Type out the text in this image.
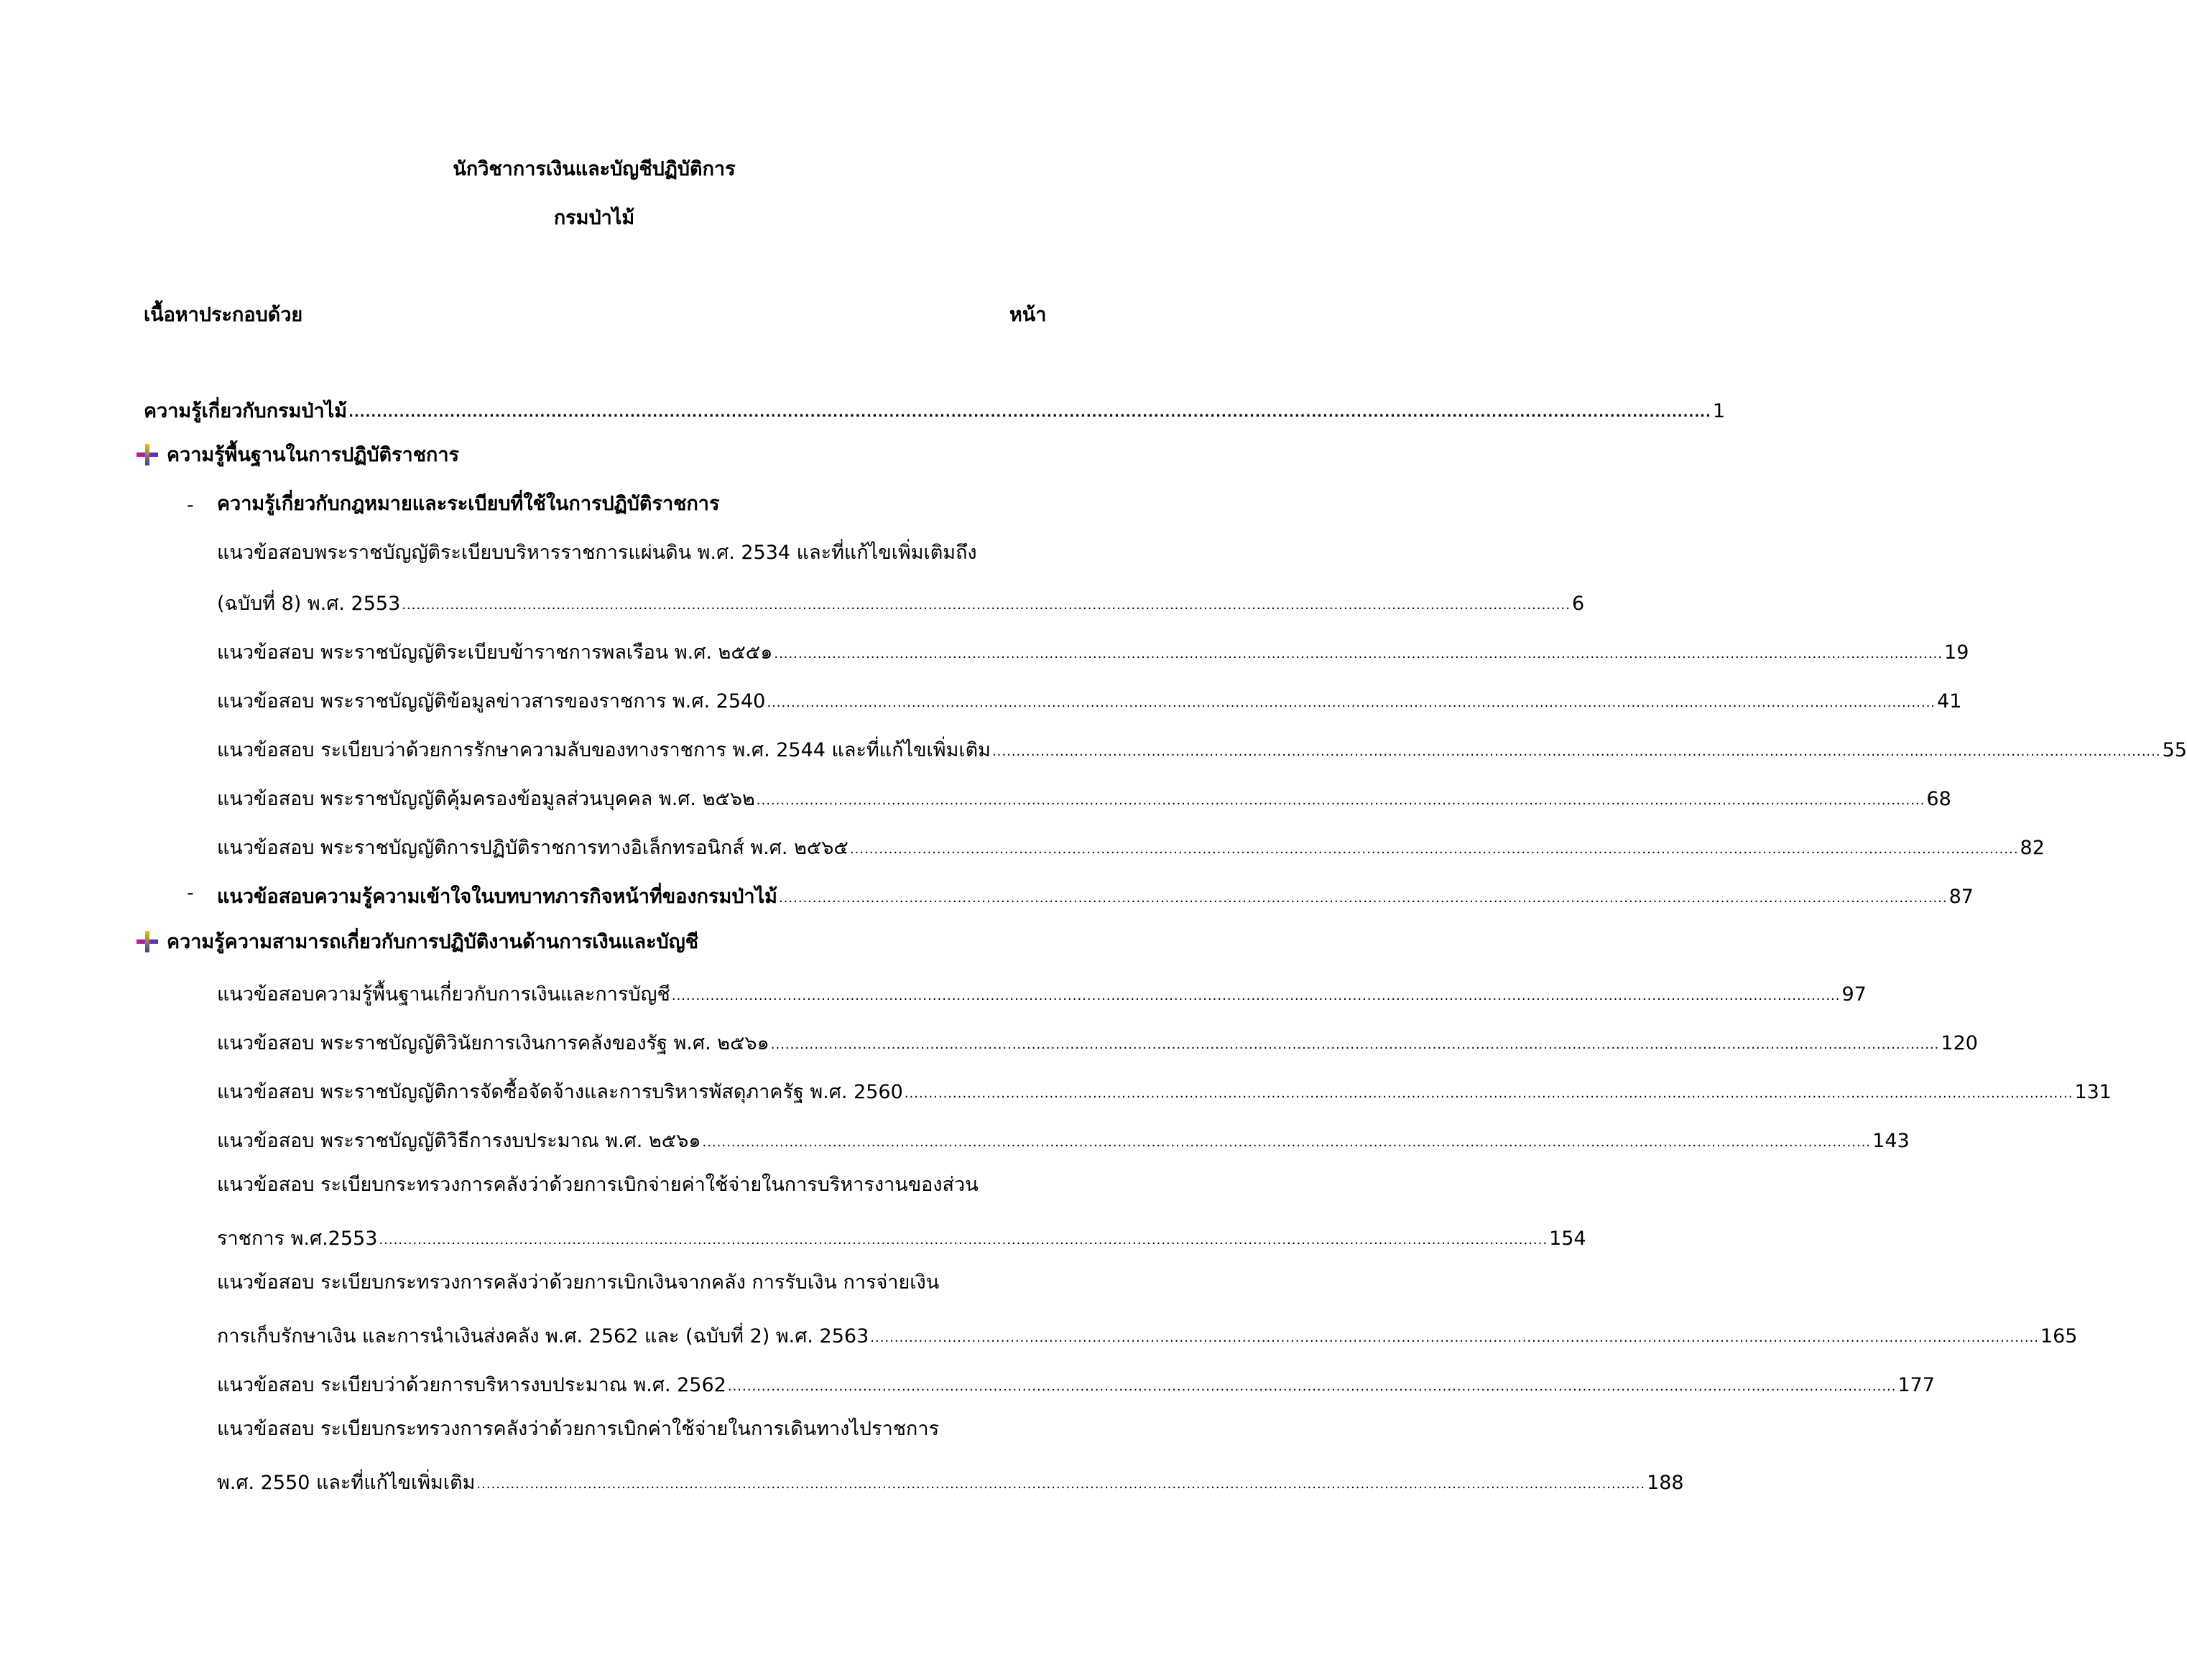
นักวิชาการเงินและบัญชีปฏิบัติการ
กรมป่าไม้
เนื้อหาประกอบด้วย	หน้า
ความรู้เกี่ยวกับกรมป่าไม้ .................................................................................................................................................................................................................................................. 1
ความรู้พื้นฐานในการปฏิบัติราชการ
- ความรู้เกี่ยวกับกฎหมายและระเบียบที่ใช้ในการปฏิบัติราชการ
แนวข้อสอบพระราชบัญญัติระเบียบบริหารราชการแผ่นดิน พ.ศ. 2534 และที่แก้ไขเพิ่มเติมถึง
(ฉบับที่ 8) พ.ศ. 2553 .................................................................................................................................................................................................................................................. 6
แนวข้อสอบ พระราชบัญญัติระเบียบข้าราชการพลเรือน พ.ศ. ๒๕๕๑ .................................................................................................................................................................................................................................................. 19
แนวข้อสอบ พระราชบัญญัติข้อมูลข่าวสารของราชการ พ.ศ. 2540 .................................................................................................................................................................................................................................................. 41
แนวข้อสอบ ระเบียบว่าด้วยการรักษาความลับของทางราชการ พ.ศ. 2544 และที่แก้ไขเพิ่มเติม .................................................................................................................................................................................................................................................. 55
แนวข้อสอบ พระราชบัญญัติคุ้มครองข้อมูลส่วนบุคคล พ.ศ. ๒๕๖๒ .................................................................................................................................................................................................................................................. 68
แนวข้อสอบ พระราชบัญญัติการปฏิบัติราชการทางอิเล็กทรอนิกส์ พ.ศ. ๒๕๖๕ .................................................................................................................................................................................................................................................. 82
- แนวข้อสอบความรู้ความเข้าใจในบทบาทภารกิจหน้าที่ของกรมป่าไม้ .................................................................................................................................................................................................................................................. 87
ความรู้ความสามารถเกี่ยวกับการปฏิบัติงานด้านการเงินและบัญชี
แนวข้อสอบความรู้พื้นฐานเกี่ยวกับการเงินและการบัญชี .................................................................................................................................................................................................................................................. 97
แนวข้อสอบ พระราชบัญญัติวินัยการเงินการคลังของรัฐ พ.ศ. ๒๕๖๑ .................................................................................................................................................................................................................................................. 120
แนวข้อสอบ พระราชบัญญัติการจัดซื้อจัดจ้างและการบริหารพัสดุภาครัฐ พ.ศ. 2560 .................................................................................................................................................................................................................................................. 131
แนวข้อสอบ พระราชบัญญัติวิธีการงบประมาณ พ.ศ. ๒๕๖๑ .................................................................................................................................................................................................................................................. 143
แนวข้อสอบ ระเบียบกระทรวงการคลังว่าด้วยการเบิกจ่ายค่าใช้จ่ายในการบริหารงานของส่วน
ราชการ พ.ศ.2553 .................................................................................................................................................................................................................................................. 154
แนวข้อสอบ ระเบียบกระทรวงการคลังว่าด้วยการเบิกเงินจากคลัง การรับเงิน การจ่ายเงิน
การเก็บรักษาเงิน และการนำเงินส่งคลัง พ.ศ. 2562 และ (ฉบับที่ 2) พ.ศ. 2563 .................................................................................................................................................................................................................................................. 165
แนวข้อสอบ ระเบียบว่าด้วยการบริหารงบประมาณ พ.ศ. 2562 .................................................................................................................................................................................................................................................. 177
แนวข้อสอบ ระเบียบกระทรวงการคลังว่าด้วยการเบิกค่าใช้จ่ายในการเดินทางไปราชการ
พ.ศ. 2550 และที่แก้ไขเพิ่มเติม .................................................................................................................................................................................................................................................. 188
